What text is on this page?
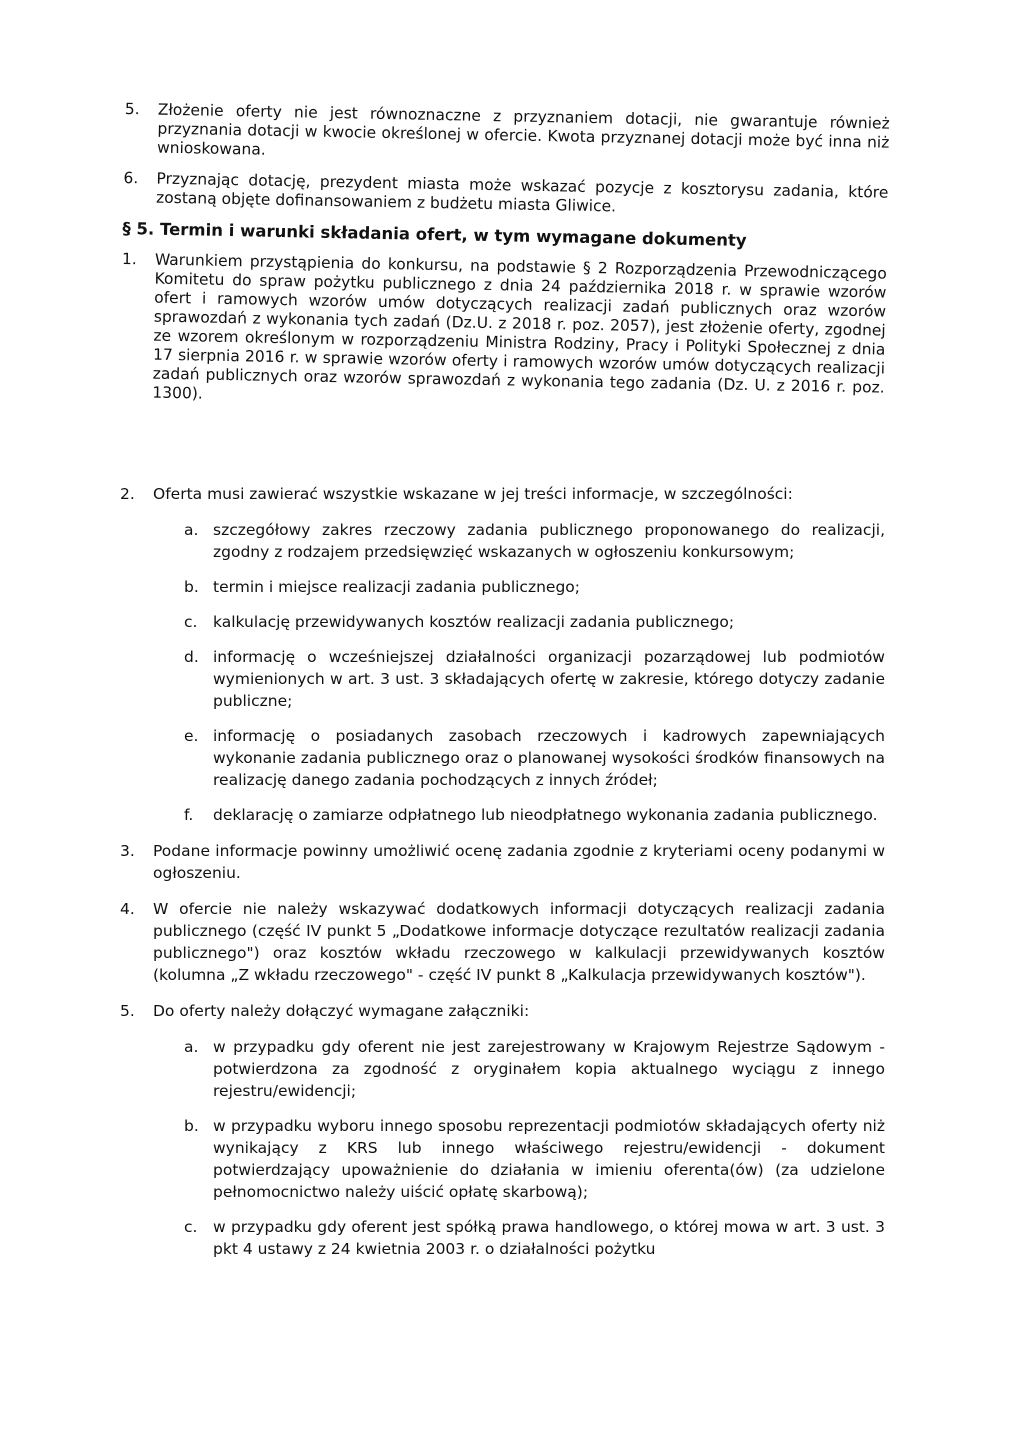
5. Złożenie oferty nie jest równoznaczne z przyznaniem dotacji, nie gwarantuje również przyznania dotacji w kwocie określonej w ofercie. Kwota przyznanej dotacji może być inna niż wnioskowana.
6. Przyznając dotację, prezydent miasta może wskazać pozycje z kosztorysu zadania, które zostaną objęte dofinansowaniem z budżetu miasta Gliwice.
§ 5. Termin i warunki składania ofert, w tym wymagane dokumenty
1. Warunkiem przystąpienia do konkursu, na podstawie § 2 Rozporządzenia Przewodniczącego Komitetu do spraw pożytku publicznego z dnia 24 października 2018 r. w sprawie wzorów ofert i ramowych wzorów umów dotyczących realizacji zadań publicznych oraz wzorów sprawozdań z wykonania tych zadań (Dz.U. z 2018 r. poz. 2057), jest złożenie oferty, zgodnej ze wzorem określonym w rozporządzeniu Ministra Rodziny, Pracy i Polityki Społecznej z dnia 17 sierpnia 2016 r. w sprawie wzorów oferty i ramowych wzorów umów dotyczących realizacji zadań publicznych oraz wzorów sprawozdań z wykonania tego zadania (Dz. U. z 2016 r. poz. 1300).
2. Oferta musi zawierać wszystkie wskazane w jej treści informacje, w szczególności:
a. szczegółowy zakres rzeczowy zadania publicznego proponowanego do realizacji, zgodny z rodzajem przedsięwzięć wskazanych w ogłoszeniu konkursowym;
b. termin i miejsce realizacji zadania publicznego;
c. kalkulację przewidywanych kosztów realizacji zadania publicznego;
d. informację o wcześniejszej działalności organizacji pozarządowej lub podmiotów wymienionych w art. 3 ust. 3 składających ofertę w zakresie, którego dotyczy zadanie publiczne;
e. informację o posiadanych zasobach rzeczowych i kadrowych zapewniających wykonanie zadania publicznego oraz o planowanej wysokości środków finansowych na realizację danego zadania pochodzących z innych źródeł;
f. deklarację o zamiarze odpłatnego lub nieodpłatnego wykonania zadania publicznego.
3. Podane informacje powinny umożliwić ocenę zadania zgodnie z kryteriami oceny podanymi w ogłoszeniu.
4. W ofercie nie należy wskazywać dodatkowych informacji dotyczących realizacji zadania publicznego (część IV punkt 5 „Dodatkowe informacje dotyczące rezultatów realizacji zadania publicznego") oraz kosztów wkładu rzeczowego w kalkulacji przewidywanych kosztów (kolumna „Z wkładu rzeczowego" - część IV punkt 8 „Kalkulacja przewidywanych kosztów").
5. Do oferty należy dołączyć wymagane załączniki:
a. w przypadku gdy oferent nie jest zarejestrowany w Krajowym Rejestrze Sądowym - potwierdzona za zgodność z oryginałem kopia aktualnego wyciągu z innego rejestru/ewidencji;
b. w przypadku wyboru innego sposobu reprezentacji podmiotów składających oferty niż wynikający z KRS lub innego właściwego rejestru/ewidencji - dokument potwierdzający upoważnienie do działania w imieniu oferenta(ów) (za udzielone pełnomocnictwo należy uiścić opłatę skarbową);
c. w przypadku gdy oferent jest spółką prawa handlowego, o której mowa w art. 3 ust. 3 pkt 4 ustawy z 24 kwietnia 2003 r. o działalności pożytku
